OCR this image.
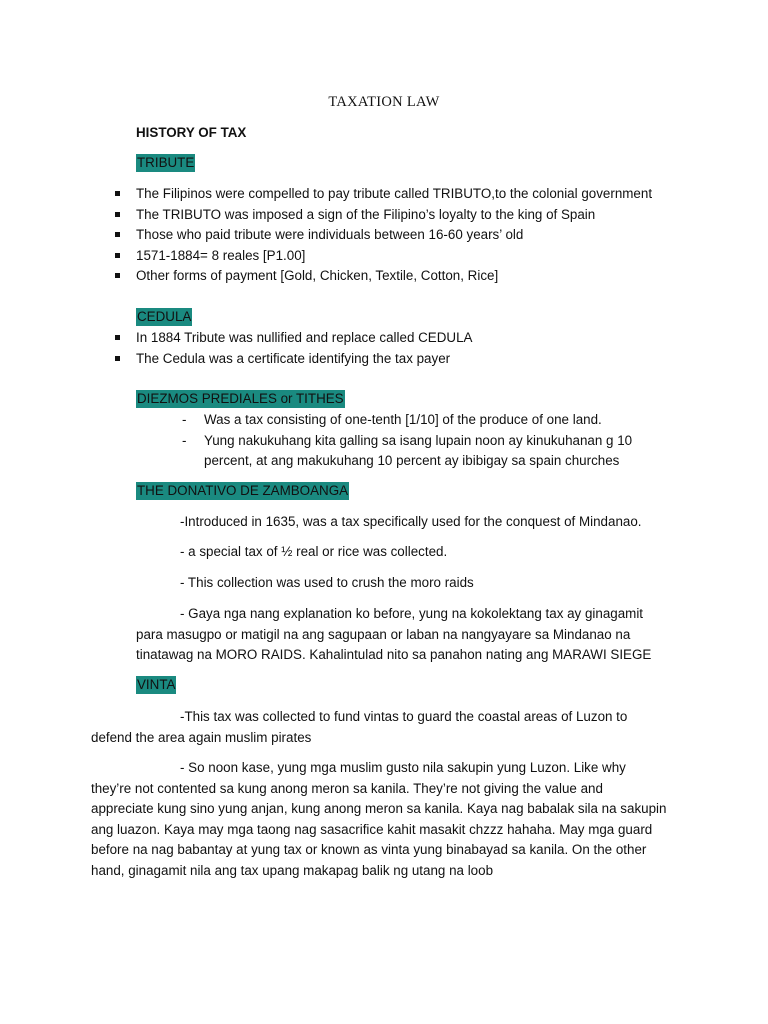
TAXATION LAW
HISTORY OF TAX
TRIBUTE
The Filipinos were compelled to pay tribute called TRIBUTO,to the colonial government
The TRIBUTO was imposed a sign of the Filipino’s loyalty to the king of Spain
Those who paid tribute were individuals between 16-60 years’ old
1571-1884= 8 reales [P1.00]
Other forms of payment [Gold, Chicken, Textile, Cotton, Rice]
CEDULA
In 1884 Tribute was nullified and replace called CEDULA
The Cedula was a certificate identifying the tax payer
DIEZMOS PREDIALES or TITHES
- Was a tax consisting of one-tenth [1/10] of the produce of one land.
- Yung nakukuhang kita galling sa isang lupain noon ay kinukuhanan g 10 percent, at ang makukuhang 10 percent ay ibibigay sa spain churches
THE DONATIVO DE ZAMBOANGA
-Introduced in 1635, was a tax specifically used for the conquest of Mindanao.
- a special tax of ½ real or rice was collected.
- This collection was used to crush the moro raids
- Gaya nga nang explanation ko before, yung na kokolektang tax ay ginagamit
para masugpo or matigil na ang sagupaan or laban na nangyayare sa Mindanao na
tinatawag na MORO RAIDS. Kahalintulad nito sa panahon nating ang MARAWI SIEGE
VINTA
-This tax was collected to fund vintas to guard the coastal areas of Luzon to
defend the area again muslim pirates
- So noon kase, yung mga muslim gusto nila sakupin yung Luzon. Like why
they’re not contented sa kung anong meron sa kanila. They’re not giving the value and
appreciate kung sino yung anjan, kung anong meron sa kanila. Kaya nag babalak sila na sakupin
ang luazon. Kaya may mga taong nag sasacrifice kahit masakit chzzz hahaha. May mga guard
before na nag babantay at yung tax or known as vinta yung binabayad sa kanila. On the other
hand, ginagamit nila ang tax upang makapag balik ng utang na loob
